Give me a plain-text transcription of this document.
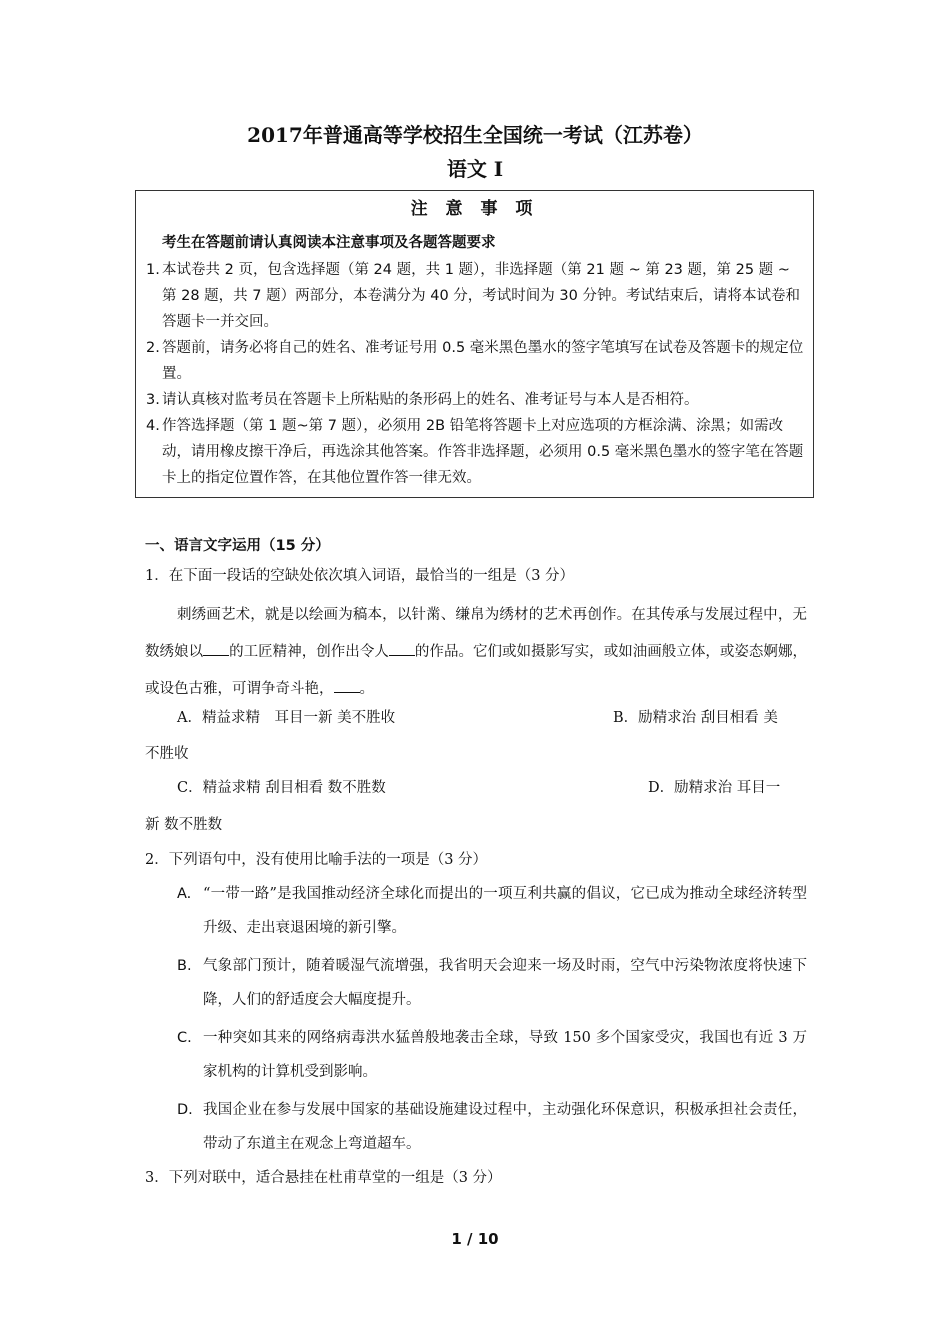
2017年普通高等学校招生全国统一考试（江苏卷）
语文 I
注 意 事 项
考生在答题前请认真阅读本注意事项及各题答题要求
1. 本试卷共 2 页，包含选择题（第 24 题，共 1 题），非选择题（第 21 题 ~ 第 23 题，第 25 题 ~ 第 28 题，共 7 题）两部分，本卷满分为 40 分，考试时间为 30 分钟。考试结束后，请将本试卷和答题卡一并交回。
2. 答题前，请务必将自己的姓名、准考证号用 0.5 毫米黑色墨水的签字笔填写在试卷及答题卡的规定位置。
3. 请认真核对监考员在答题卡上所粘贴的条形码上的姓名、准考证号与本人是否相符。
4. 作答选择题（第 1 题~第 7 题），必须用 2B 铅笔将答题卡上对应选项的方框涂满、涂黑；如需改动，请用橡皮擦干净后，再选涂其他答案。作答非选择题，必须用 0.5 毫米黑色墨水的签字笔在答题卡上的指定位置作答，在其他位置作答一律无效。
一、语言文字运用（15 分）
1．在下面一段话的空缺处依次填入词语，最恰当的一组是（3 分）
刺绣画艺术，就是以绘画为稿本，以针黹、缣帛为绣材的艺术再创作。在其传承与发展过程中，无数绣娘以 的工匠精神，创作出令人 的作品。它们或如摄影写实，或如油画般立体，或姿态婀娜，或设色古雅，可谓争奇斗艳， 。
A．精益求精　耳目一新 美不胜收	B．励精求治 刮目相看 美
不胜收
C．精益求精 刮目相看 数不胜数	D．励精求治 耳目一
新 数不胜数
2．下列语句中，没有使用比喻手法的一项是（3 分）
A. “一带一路”是我国推动经济全球化而提出的一项互利共赢的倡议，它已成为推动全球经济转型升级、走出衰退困境的新引擎。
B. 气象部门预计，随着暖湿气流增强，我省明天会迎来一场及时雨，空气中污染物浓度将快速下降，人们的舒适度会大幅度提升。
C. 一种突如其来的网络病毒洪水猛兽般地袭击全球，导致 150 多个国家受灾，我国也有近 3 万家机构的计算机受到影响。
D. 我国企业在参与发展中国家的基础设施建设过程中，主动强化环保意识，积极承担社会责任，带动了东道主在观念上弯道超车。
3．下列对联中，适合悬挂在杜甫草堂的一组是（3 分）
1 / 10
